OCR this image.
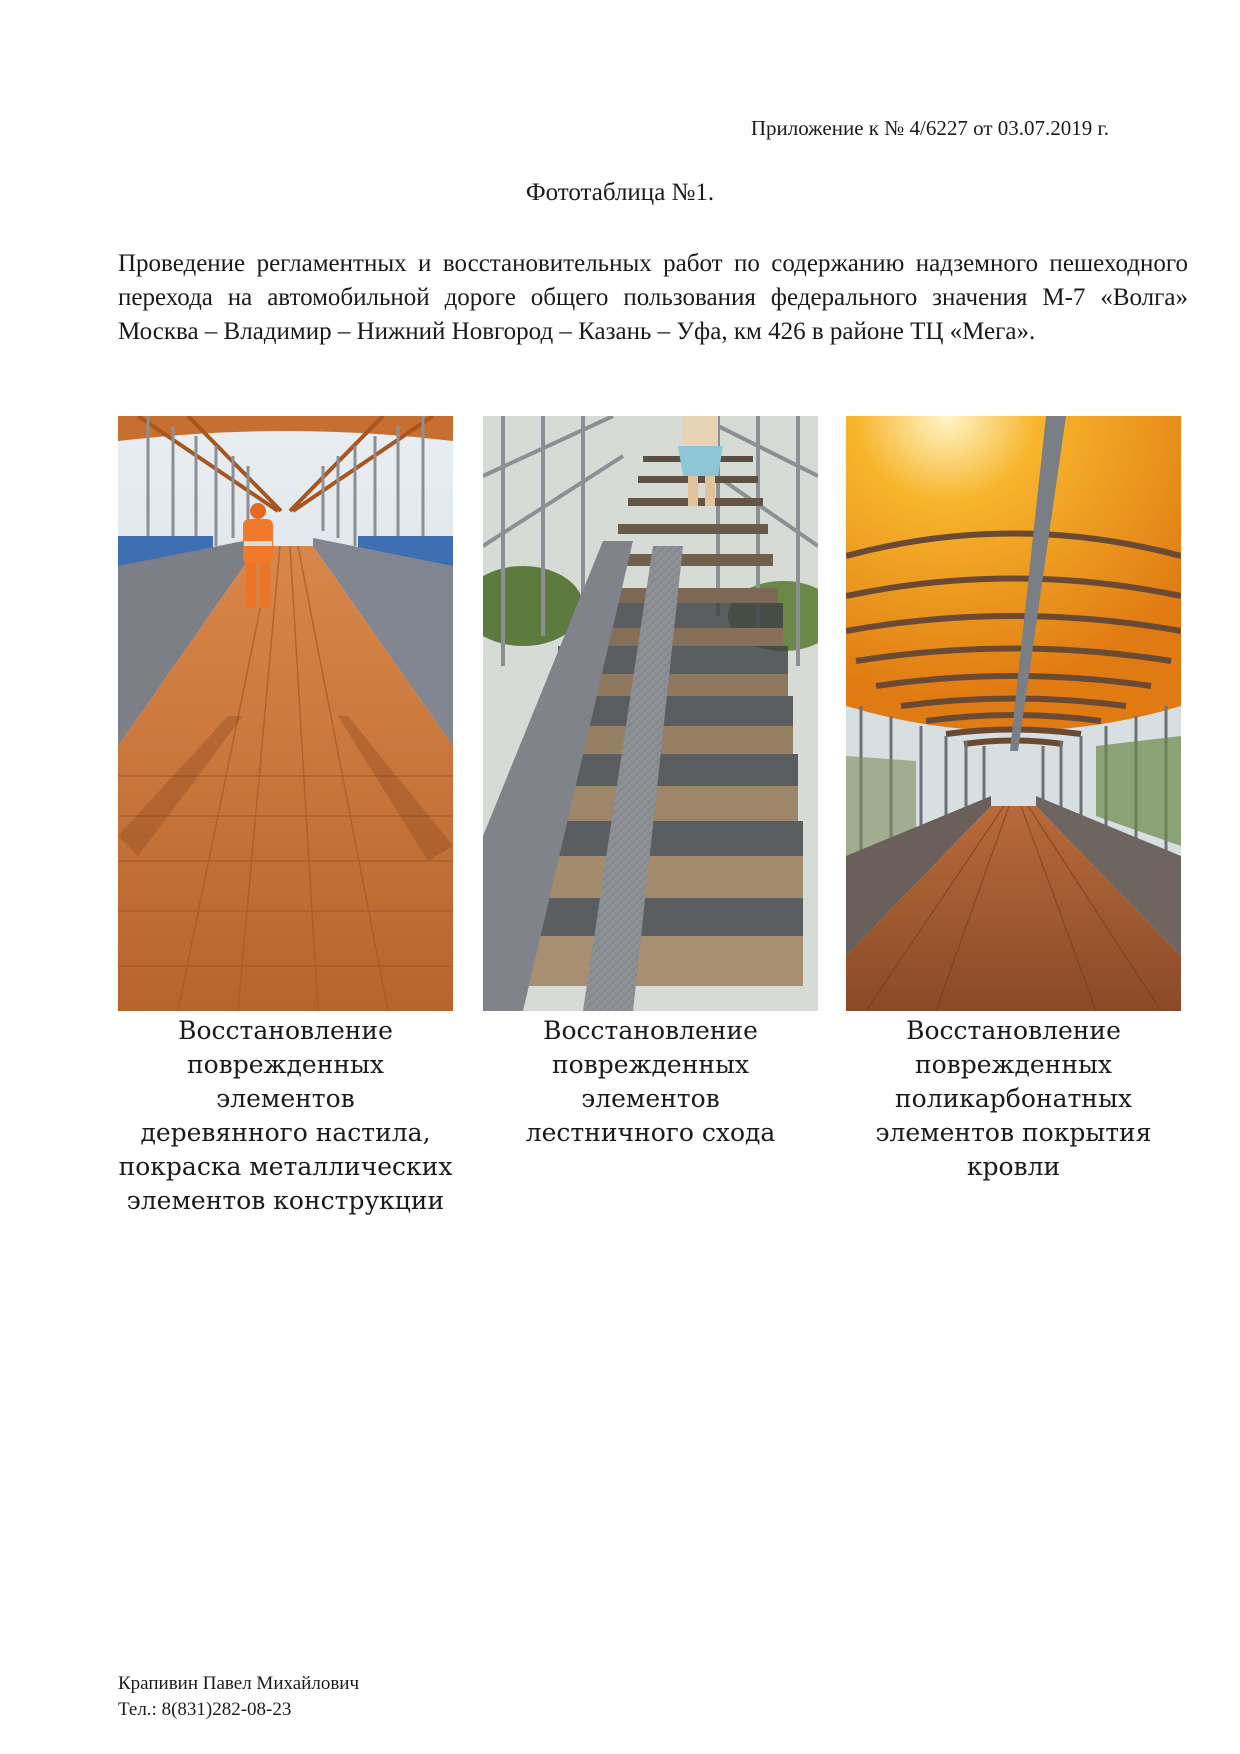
Приложение к № 4/6227 от 03.07.2019 г.
Фототаблица №1.
Проведение регламентных и восстановительных работ по содержанию надземного пешеходного перехода на автомобильной дороге общего пользования федерального значения М-7 «Волга» Москва – Владимир – Нижний Новгород – Казань – Уфа, км 426 в районе ТЦ «Мега».
Восстановление
поврежденных элементов
деревянного настила,
покраска металлических
элементов конструкции
Восстановление
поврежденных элементов
лестничного схода
Восстановление
поврежденных
поликарбонатных
элементов покрытия
кровли
Крапивин Павел Михайлович
Тел.: 8(831)282-08-23
